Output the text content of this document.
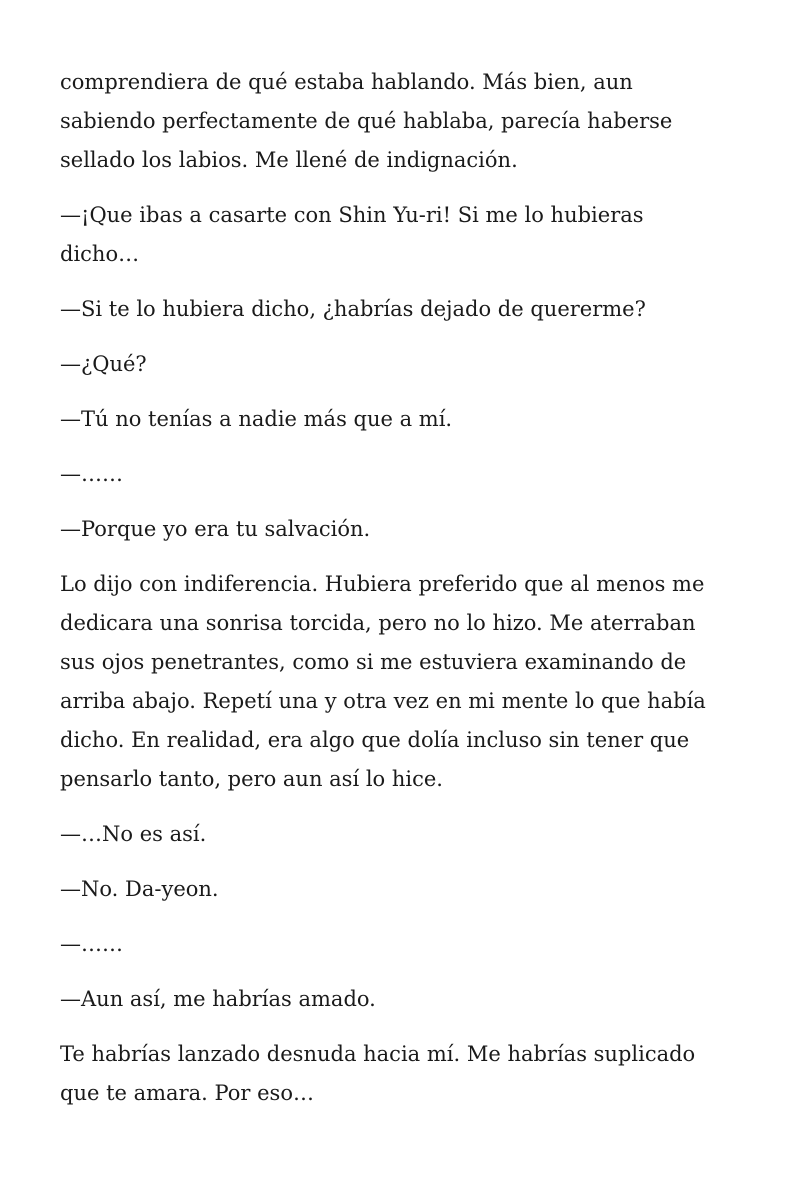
comprendiera de qué estaba hablando. Más bien, aun
sabiendo perfectamente de qué hablaba, parecía haberse
sellado los labios. Me llené de indignación.

—¡Que ibas a casarte con Shin Yu-ri! Si me lo hubieras
dicho…

—Si te lo hubiera dicho, ¿habrías dejado de quererme?

—¿Qué?

—Tú no tenías a nadie más que a mí.

—……

—Porque yo era tu salvación.

Lo dijo con indiferencia. Hubiera preferido que al menos me
dedicara una sonrisa torcida, pero no lo hizo. Me aterraban
sus ojos penetrantes, como si me estuviera examinando de
arriba abajo. Repetí una y otra vez en mi mente lo que había
dicho. En realidad, era algo que dolía incluso sin tener que
pensarlo tanto, pero aun así lo hice.

—…No es así.

—No. Da-yeon.

—……

—Aun así, me habrías amado.

Te habrías lanzado desnuda hacia mí. Me habrías suplicado
que te amara. Por eso…
